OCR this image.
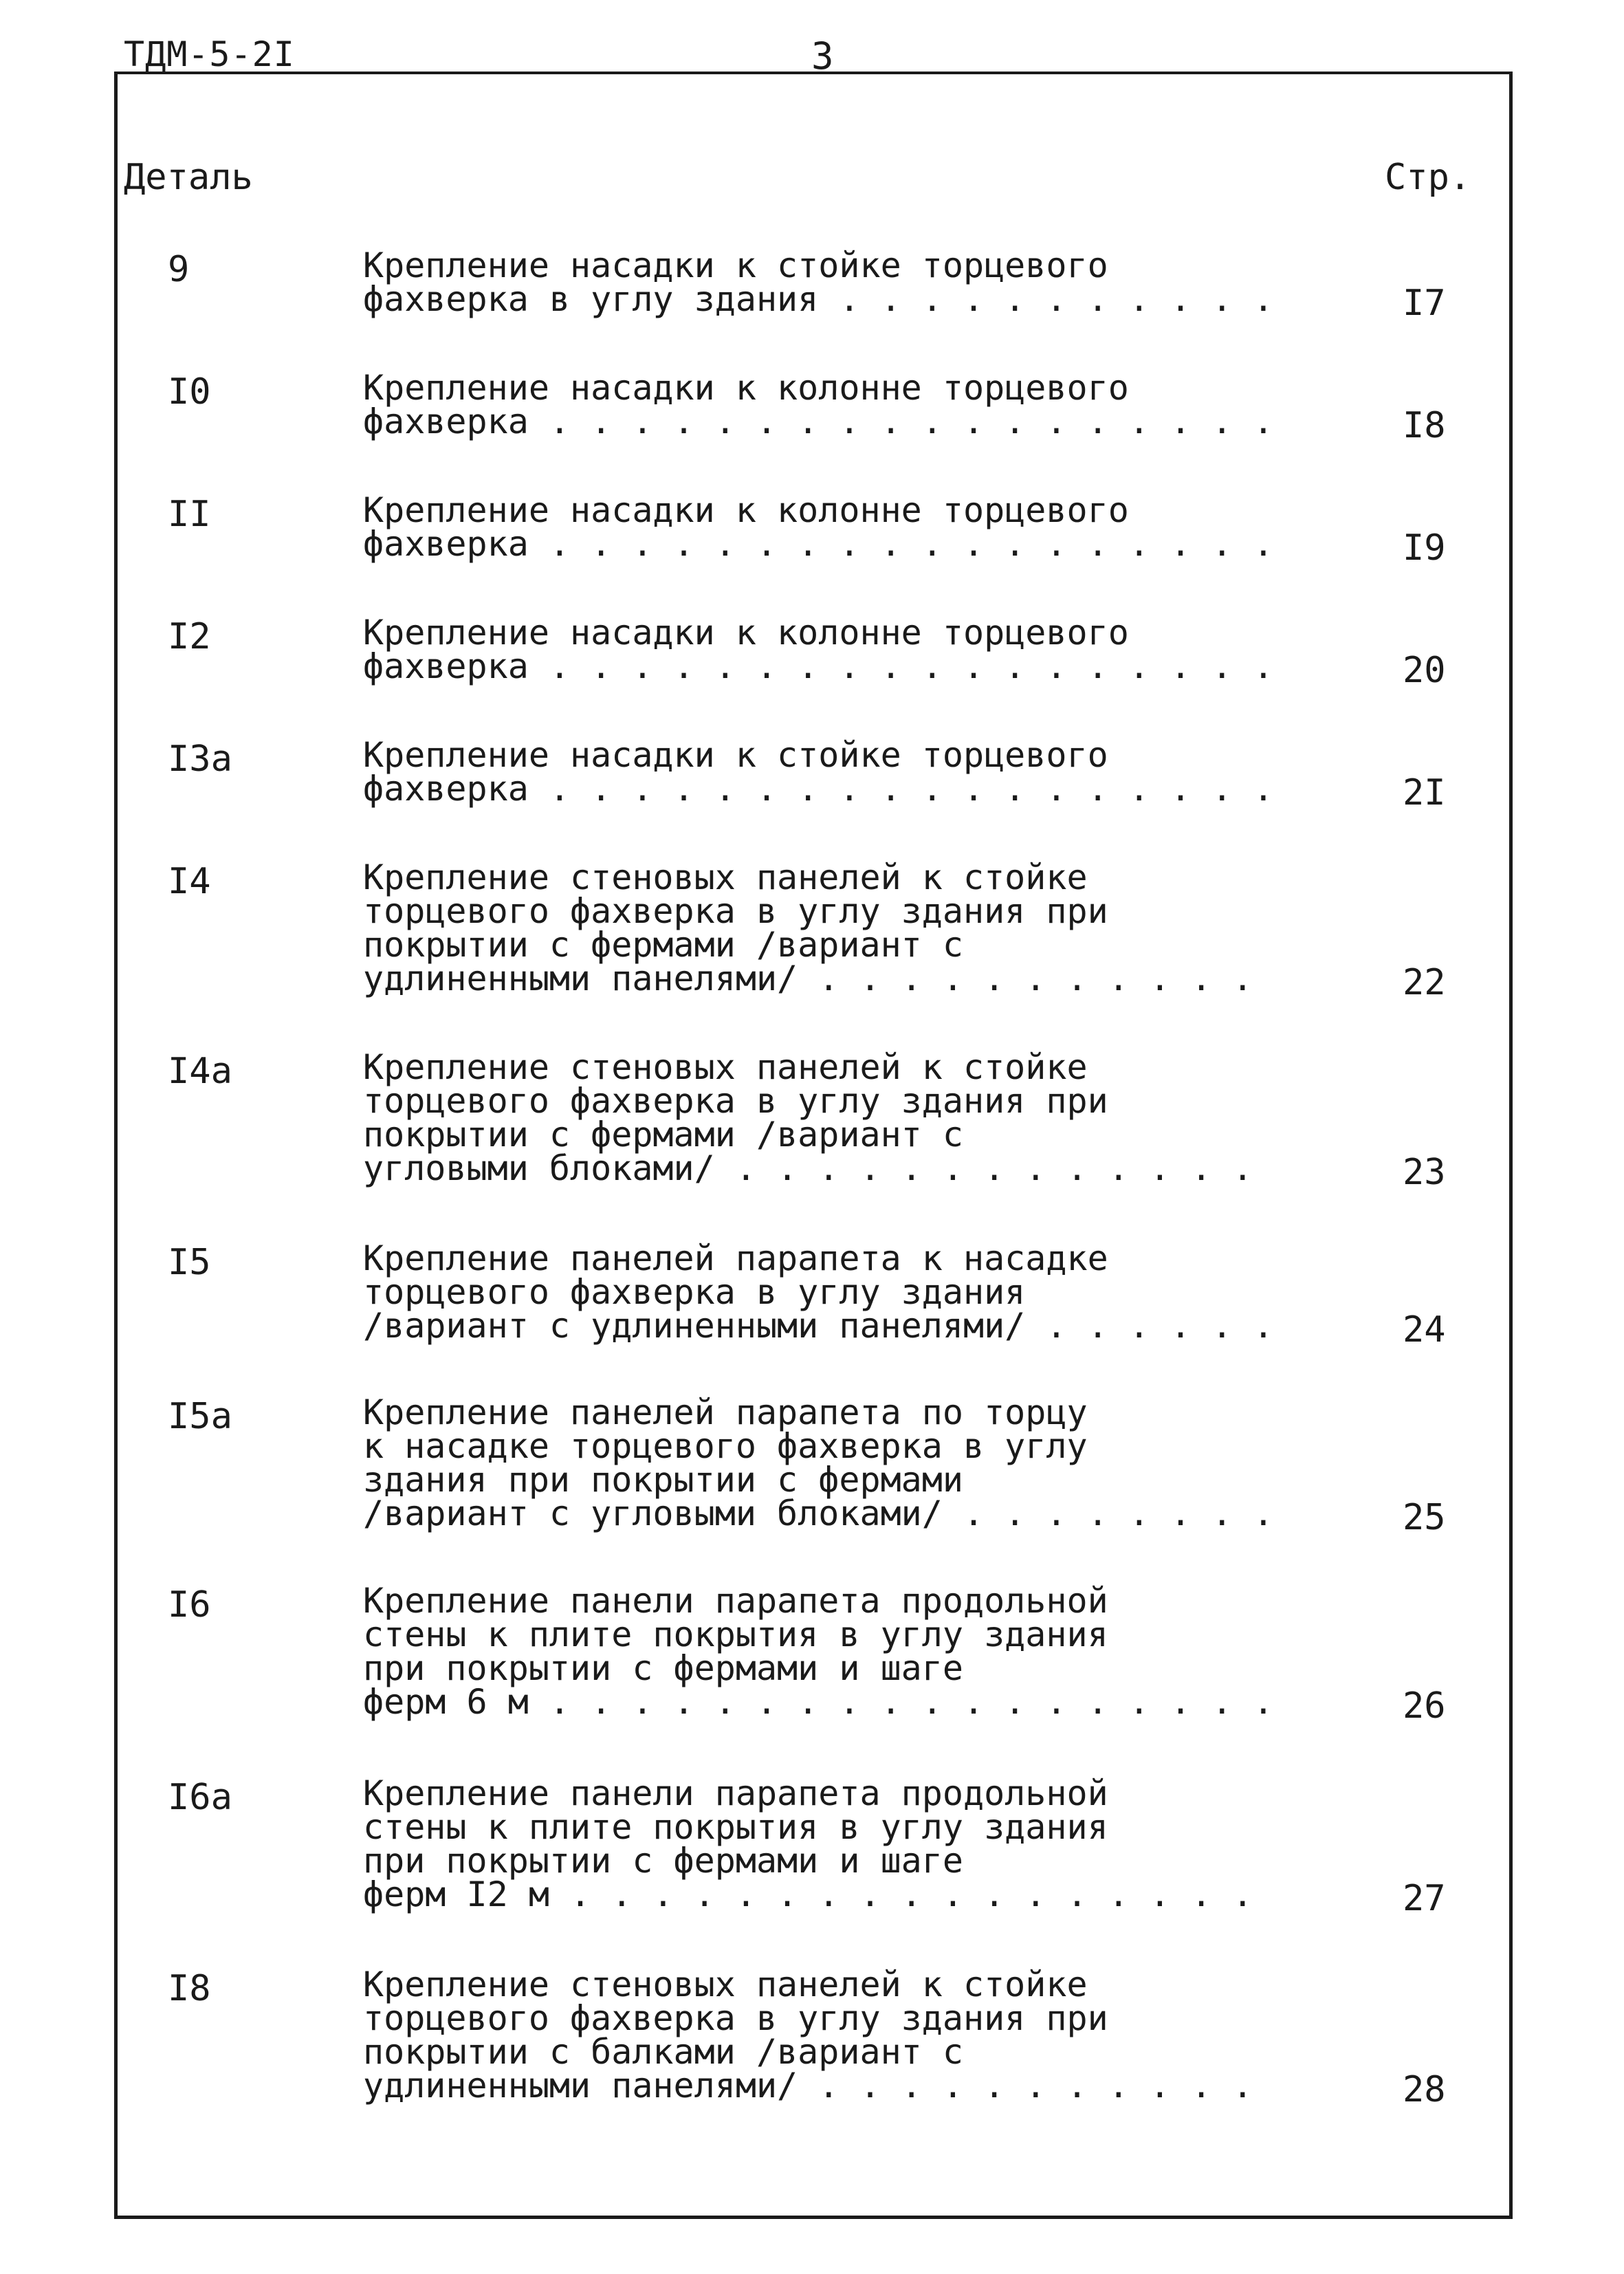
ТДМ-5-2I	3
Деталь	Стр.
9	Крепление насадки к стойке торцевого
фахверка в углу здания . . . . . . . . . . .	I7
I0	Крепление насадки к колонне торцевого
фахверка . . . . . . . . . . . . . . . . . .	I8
II	Крепление насадки к колонне торцевого
фахверка . . . . . . . . . . . . . . . . . .	I9
I2	Крепление насадки к колонне торцевого
фахверка . . . . . . . . . . . . . . . . . .	20
I3а	Крепление насадки к стойке торцевого
фахверка . . . . . . . . . . . . . . . . . .	2I
I4	Крепление стеновых панелей к стойке
торцевого фахверка в углу здания при
покрытии с фермами /вариант с
удлиненными панелями/ . . . . . . . . . . .	22
I4а	Крепление стеновых панелей к стойке
торцевого фахверка в углу здания при
покрытии с фермами /вариант с
угловыми блоками/ . . . . . . . . . . . . .	23
I5	Крепление панелей парапета к насадке
торцевого фахверка в углу здания
/вариант с удлиненными панелями/ . . . . . .	24
I5а	Крепление панелей парапета по торцу
к насадке торцевого фахверка в углу
здания при покрытии с фермами
/вариант с угловыми блоками/ . . . . . . . .	25
I6	Крепление панели парапета продольной
стены к плите покрытия в углу здания
при покрытии с фермами и шаге
ферм 6 м . . . . . . . . . . . . . . . . . .	26
I6а	Крепление панели парапета продольной
стены к плите покрытия в углу здания
при покрытии с фермами и шаге
ферм I2 м . . . . . . . . . . . . . . . . .	27
I8	Крепление стеновых панелей к стойке
торцевого фахверка в углу здания при
покрытии с балками /вариант с
удлиненными панелями/ . . . . . . . . . . .	28
